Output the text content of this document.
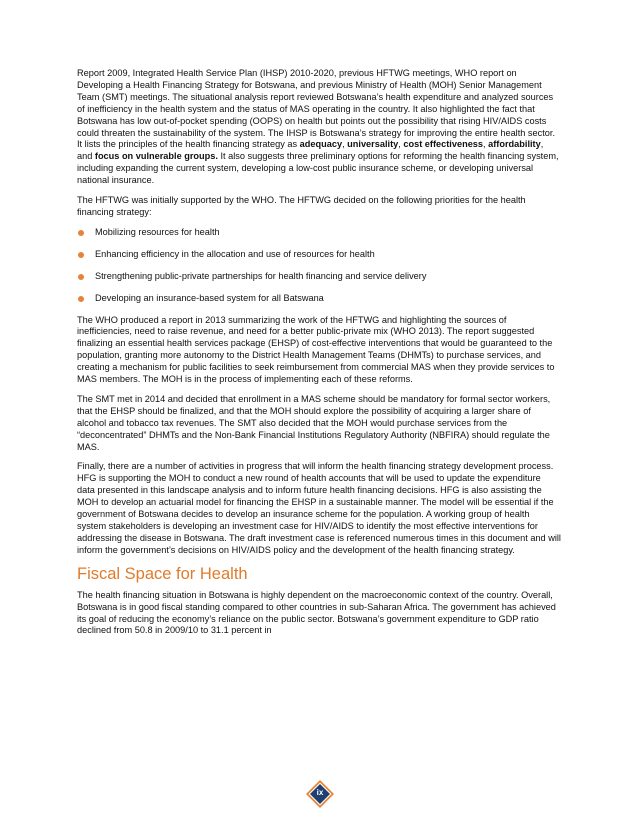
Report 2009, Integrated Health Service Plan (IHSP) 2010-2020, previous HFTWG meetings, WHO report on Developing a Health Financing Strategy for Botswana, and previous Ministry of Health (MOH) Senior Management Team (SMT) meetings. The situational analysis report reviewed Botswana’s health expenditure and analyzed sources of inefficiency in the health system and the status of MAS operating in the country. It also highlighted the fact that Botswana has low out-of-pocket spending (OOPS) on health but points out the possibility that rising HIV/AIDS costs could threaten the sustainability of the system. The IHSP is Botswana’s strategy for improving the entire health sector. It lists the principles of the health financing strategy as adequacy, universality, cost effectiveness, affordability, and focus on vulnerable groups. It also suggests three preliminary options for reforming the health financing system, including expanding the current system, developing a low-cost public insurance scheme, or developing universal national insurance.

The HFTWG was initially supported by the WHO. The HFTWG decided on the following priorities for the health financing strategy:

Mobilizing resources for health
Enhancing efficiency in the allocation and use of resources for health
Strengthening public-private partnerships for health financing and service delivery
Developing an insurance-based system for all Batswana

The WHO produced a report in 2013 summarizing the work of the HFTWG and highlighting the sources of inefficiencies, need to raise revenue, and need for a better public-private mix (WHO 2013). The report suggested finalizing an essential health services package (EHSP) of cost-effective interventions that would be guaranteed to the population, granting more autonomy to the District Health Management Teams (DHMTs) to purchase services, and creating a mechanism for public facilities to seek reimbursement from commercial MAS when they provide services to MAS members. The MOH is in the process of implementing each of these reforms.

The SMT met in 2014 and decided that enrollment in a MAS scheme should be mandatory for formal sector workers, that the EHSP should be finalized, and that the MOH should explore the possibility of acquiring a larger share of alcohol and tobacco tax revenues. The SMT also decided that the MOH would purchase services from the “deconcentrated” DHMTs and the Non-Bank Financial Institutions Regulatory Authority (NBFIRA) should regulate the MAS.

Finally, there are a number of activities in progress that will inform the health financing strategy development process. HFG is supporting the MOH to conduct a new round of health accounts that will be used to update the expenditure data presented in this landscape analysis and to inform future health financing decisions. HFG is also assisting the MOH to develop an actuarial model for financing the EHSP in a sustainable manner. The model will be essential if the government of Botswana decides to develop an insurance scheme for the population. A working group of health system stakeholders is developing an investment case for HIV/AIDS to identify the most effective interventions for addressing the disease in Botswana. The draft investment case is referenced numerous times in this document and will inform the government’s decisions on HIV/AIDS policy and the development of the health financing strategy.

Fiscal Space for Health

The health financing situation in Botswana is highly dependent on the macroeconomic context of the country. Overall, Botswana is in good fiscal standing compared to other countries in sub-Saharan Africa. The government has achieved its goal of reducing the economy’s reliance on the public sector. Botswana’s government expenditure to GDP ratio declined from 50.8 in 2009/10 to 31.1 percent in

ix
